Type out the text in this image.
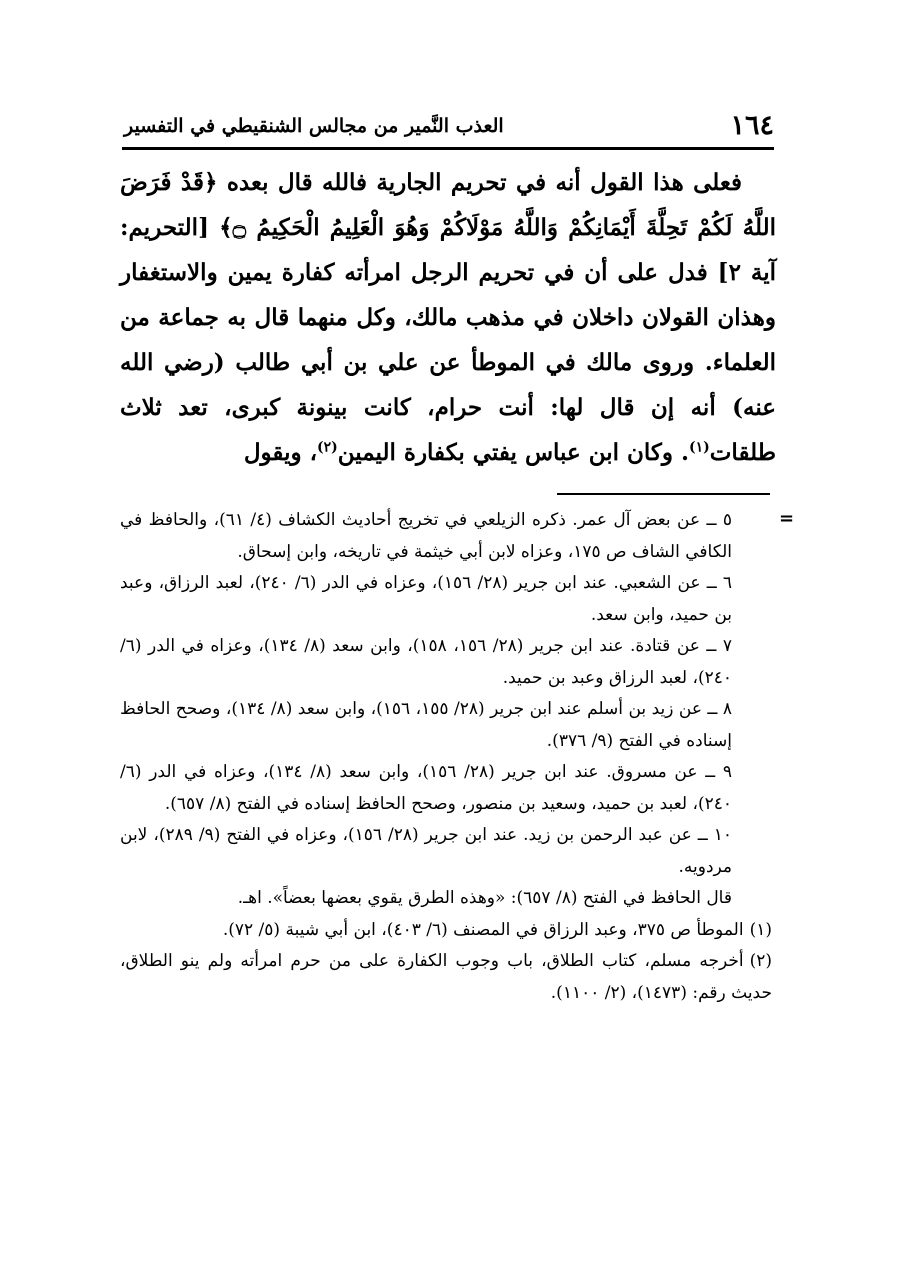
١٦٤
العذب النَّمير من مجالس الشنقيطي في التفسير

فعلى هذا القول أنه في تحريم الجارية فالله قال بعده ﴿قَدْ فَرَضَ اللَّهُ لَكُمْ تَحِلَّةَ أَيْمَانِكُمْ وَاللَّهُ مَوْلَاكُمْ وَهُوَ الْعَلِيمُ الْحَكِيمُ ۝﴾ [التحريم: آية ٢] فدل على أن في تحريم الرجل امرأته كفارة يمين والاستغفار وهذان القولان داخلان في مذهب مالك، وكل منهما قال به جماعة من العلماء. وروى مالك في الموطأ عن علي بن أبي طالب (رضي الله عنه) أنه إن قال لها: أنت حرام، كانت بينونة كبرى، تعد ثلاث طلقات$^{(١)}$. وكان ابن عباس يفتي بكفارة اليمين$^{(٢)}$، ويقول

=

٥ ــ عن بعض آل عمر. ذكره الزيلعي في تخريج أحاديث الكشاف (٤/ ٦١)، والحافظ في الكافي الشاف ص ١٧٥، وعزاه لابن أبي خيثمة في تاريخه، وابن إسحاق.

٦ ــ عن الشعبي. عند ابن جرير (٢٨/ ١٥٦)، وعزاه في الدر (٦/ ٢٤٠)، لعبد الرزاق، وعبد بن حميد، وابن سعد.

٧ ــ عن قتادة. عند ابن جرير (٢٨/ ١٥٦، ١٥٨)، وابن سعد (٨/ ١٣٤)، وعزاه في الدر (٦/ ٢٤٠)، لعبد الرزاق وعبد بن حميد.

٨ ــ عن زيد بن أسلم عند ابن جرير (٢٨/ ١٥٥، ١٥٦)، وابن سعد (٨/ ١٣٤)، وصحح الحافظ إسناده في الفتح (٩/ ٣٧٦).

٩ ــ عن مسروق. عند ابن جرير (٢٨/ ١٥٦)، وابن سعد (٨/ ١٣٤)، وعزاه في الدر (٦/ ٢٤٠)، لعبد بن حميد، وسعيد بن منصور، وصحح الحافظ إسناده في الفتح (٨/ ٦٥٧).

١٠ ــ عن عبد الرحمن بن زيد. عند ابن جرير (٢٨/ ١٥٦)، وعزاه في الفتح (٩/ ٢٨٩)، لابن مردويه.

قال الحافظ في الفتح (٨/ ٦٥٧): «وهذه الطرق يقوي بعضها بعضاً». اهـ.

(١)الموطأ ص ٣٧٥، وعبد الرزاق في المصنف (٦/ ٤٠٣)، ابن أبي شيبة (٥/ ٧٢).

(٢)أخرجه مسلم، كتاب الطلاق، باب وجوب الكفارة على من حرم امرأته ولم ينو الطلاق، حديث رقم: (١٤٧٣)، (٢/ ١١٠٠).
